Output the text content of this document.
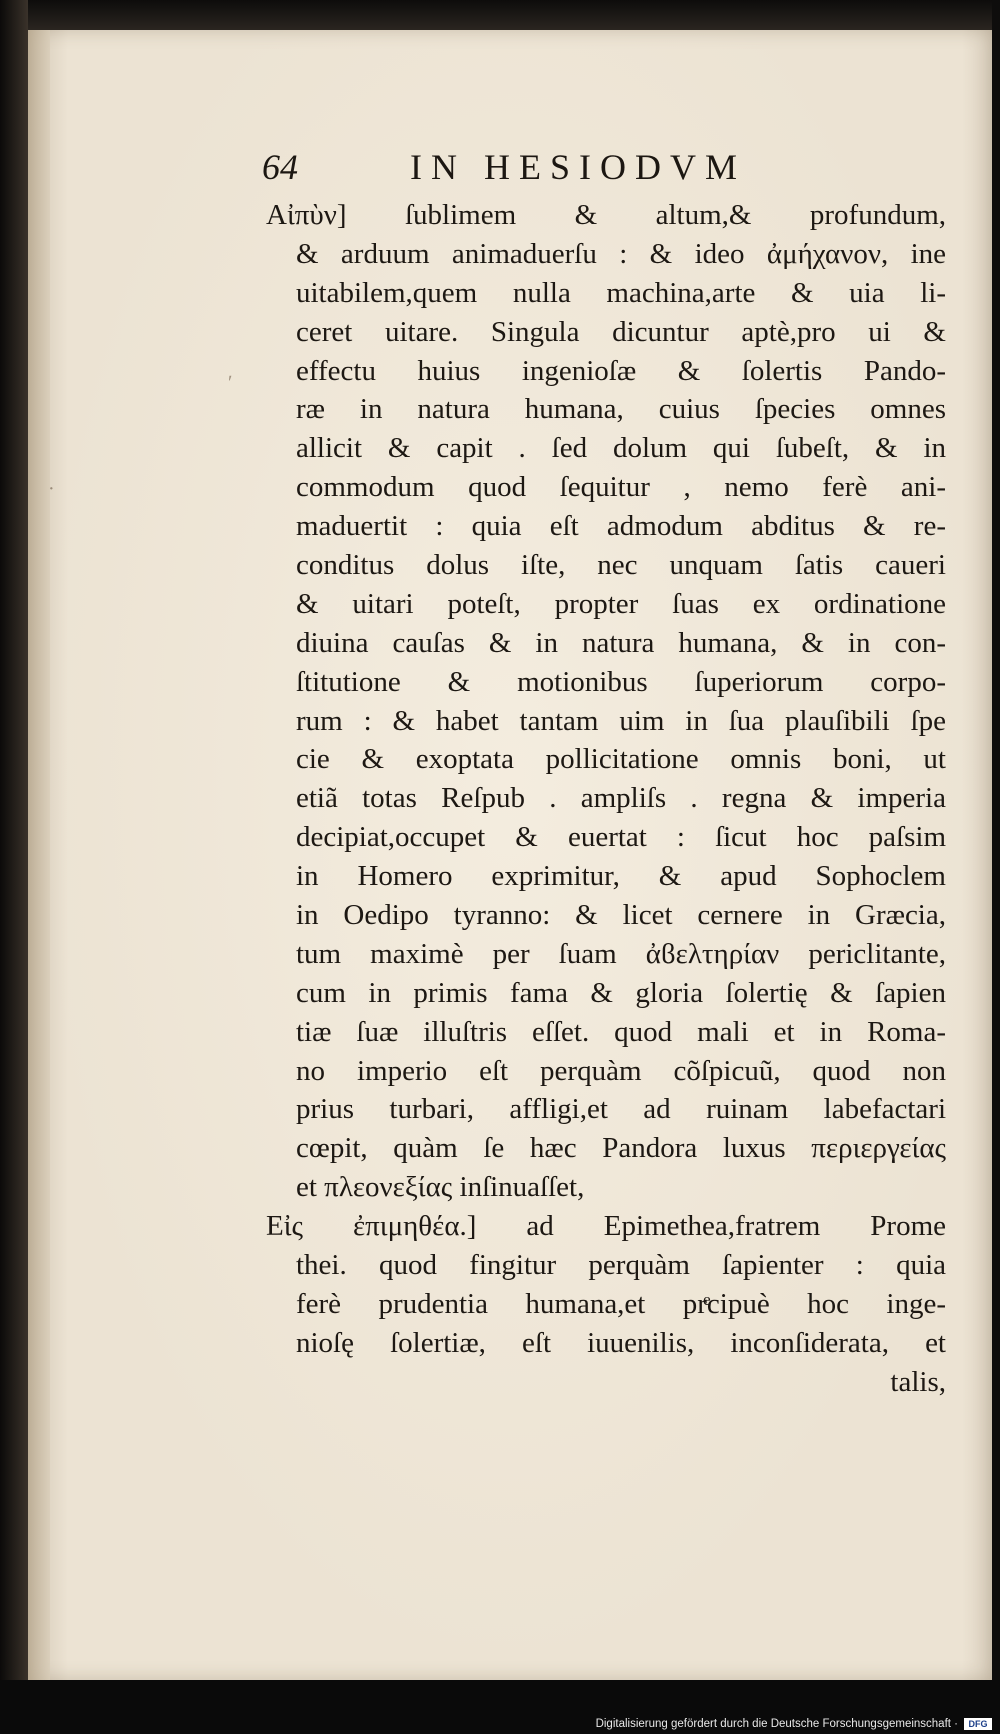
ʹ
·
64	IN HESIODVM
Αἰπὺν] ſublimem & altum,& profundum,
& arduum animaduerſu : & ideo ἀμήχανον, ine
uitabilem,quem nulla machina,arte & uia li-
ceret uitare. Singula dicuntur aptè,pro ui &
effectu huius ingenioſæ & ſolertis Pando-
ræ in natura humana, cuius ſpecies omnes
allicit & capit . ſed dolum qui ſubeſt, & in
commodum quod ſequitur , nemo ferè ani-
maduertit : quia eſt admodum abditus & re-
conditus dolus iſte, nec unquam ſatis caueri
& uitari poteſt, propter ſuas ex ordinatione
diuina cauſas & in natura humana, & in con-
ſtitutione & motionibus ſuperiorum corpo-
rum : & habet tantam uim in ſua plauſibili ſpe
cie & exoptata pollicitatione omnis boni, ut
etiã totas Reſpub . ampliſs . regna & imperia
decipiat,occupet & euertat : ſicut hoc paſsim
in Homero exprimitur, & apud Sophoclem
in Oedipo tyranno: & licet cernere in Græcia,
tum maximè per ſuam ἀϐελτηρίαν periclitante,
cum in primis fama & gloria ſolertię & ſapien
tiæ ſuæ illuſtris eſſet. quod mali et in Roma-
no imperio eſt perquàm cõſpicuũ, quod non
prius turbari, affligi,et ad ruinam labefactari
cœpit, quàm ſe hæc Pandora luxus περιεργείας
et πλεονεξίας inſinuaſſet,
Εἰς ἐπιμηθέα.] ad Epimethea,fratrem Prome
thei. quod fingitur perquàm ſapienter : quia
ferè prudentia humana,et prͤcipuè hoc inge-
nioſę ſolertiæ, eſt iuuenilis, inconſiderata, et
talis,
Digitalisierung gefördert durch die Deutsche Forschungsgemeinschaft ·	DFG
